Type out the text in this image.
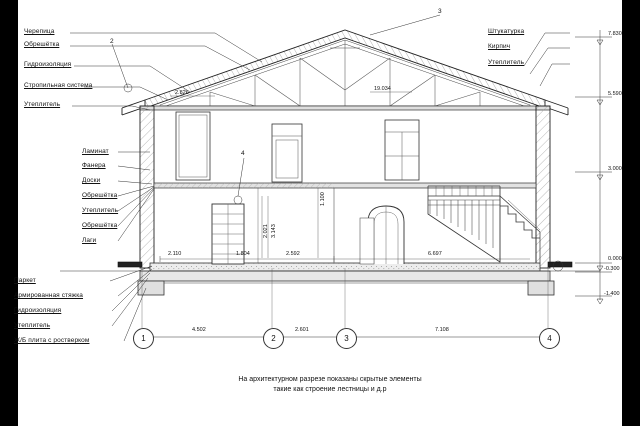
Черепица
Обрешётка
Гидроизоляция
Стропильная система
Утеплитель
Ламинат
Фанера
Доски
Обрешётка
Утеплитель
Обрешётка
Лаги
Паркет
Армированная стяжка
Гидроизоляция
Утеплитель
Ж/Б плита с ростверком
Штукатурка
Кирпич
Утеплитель
2
3
4
7.830
5.590
3.000
0.000
-0.300
-1.400
2.826
19.034
2.110	1.804	2.592	6.697
2.021 3.143
1.100
4.502	2.601	7.108
1	2	3	4
На архитектурном разрезе показаны скрытые элементы
такие как строение лестницы и д.р
